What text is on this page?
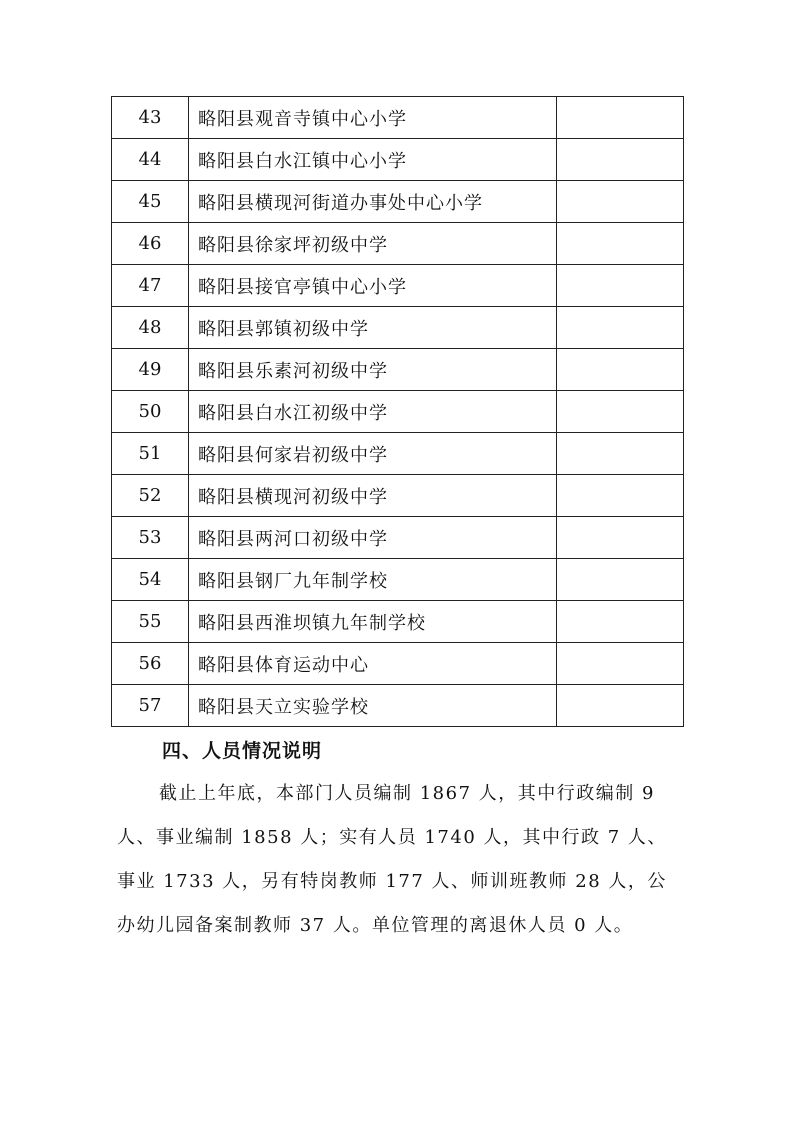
43	略阳县观音寺镇中心小学	
44	略阳县白水江镇中心小学	
45	略阳县横现河街道办事处中心小学	
46	略阳县徐家坪初级中学	
47	略阳县接官亭镇中心小学	
48	略阳县郭镇初级中学	
49	略阳县乐素河初级中学	
50	略阳县白水江初级中学	
51	略阳县何家岩初级中学	
52	略阳县横现河初级中学	
53	略阳县两河口初级中学	
54	略阳县钢厂九年制学校	
55	略阳县西淮坝镇九年制学校	
56	略阳县体育运动中心	
57	略阳县天立实验学校	
四、人员情况说明

截止上年底，本部门人员编制 1867 人，其中行政编制 9
人、事业编制 1858 人；实有人员 1740 人，其中行政 7 人、
事业 1733 人，另有特岗教师 177 人、师训班教师 28 人，公
办幼儿园备案制教师 37 人。单位管理的离退休人员 0 人。
